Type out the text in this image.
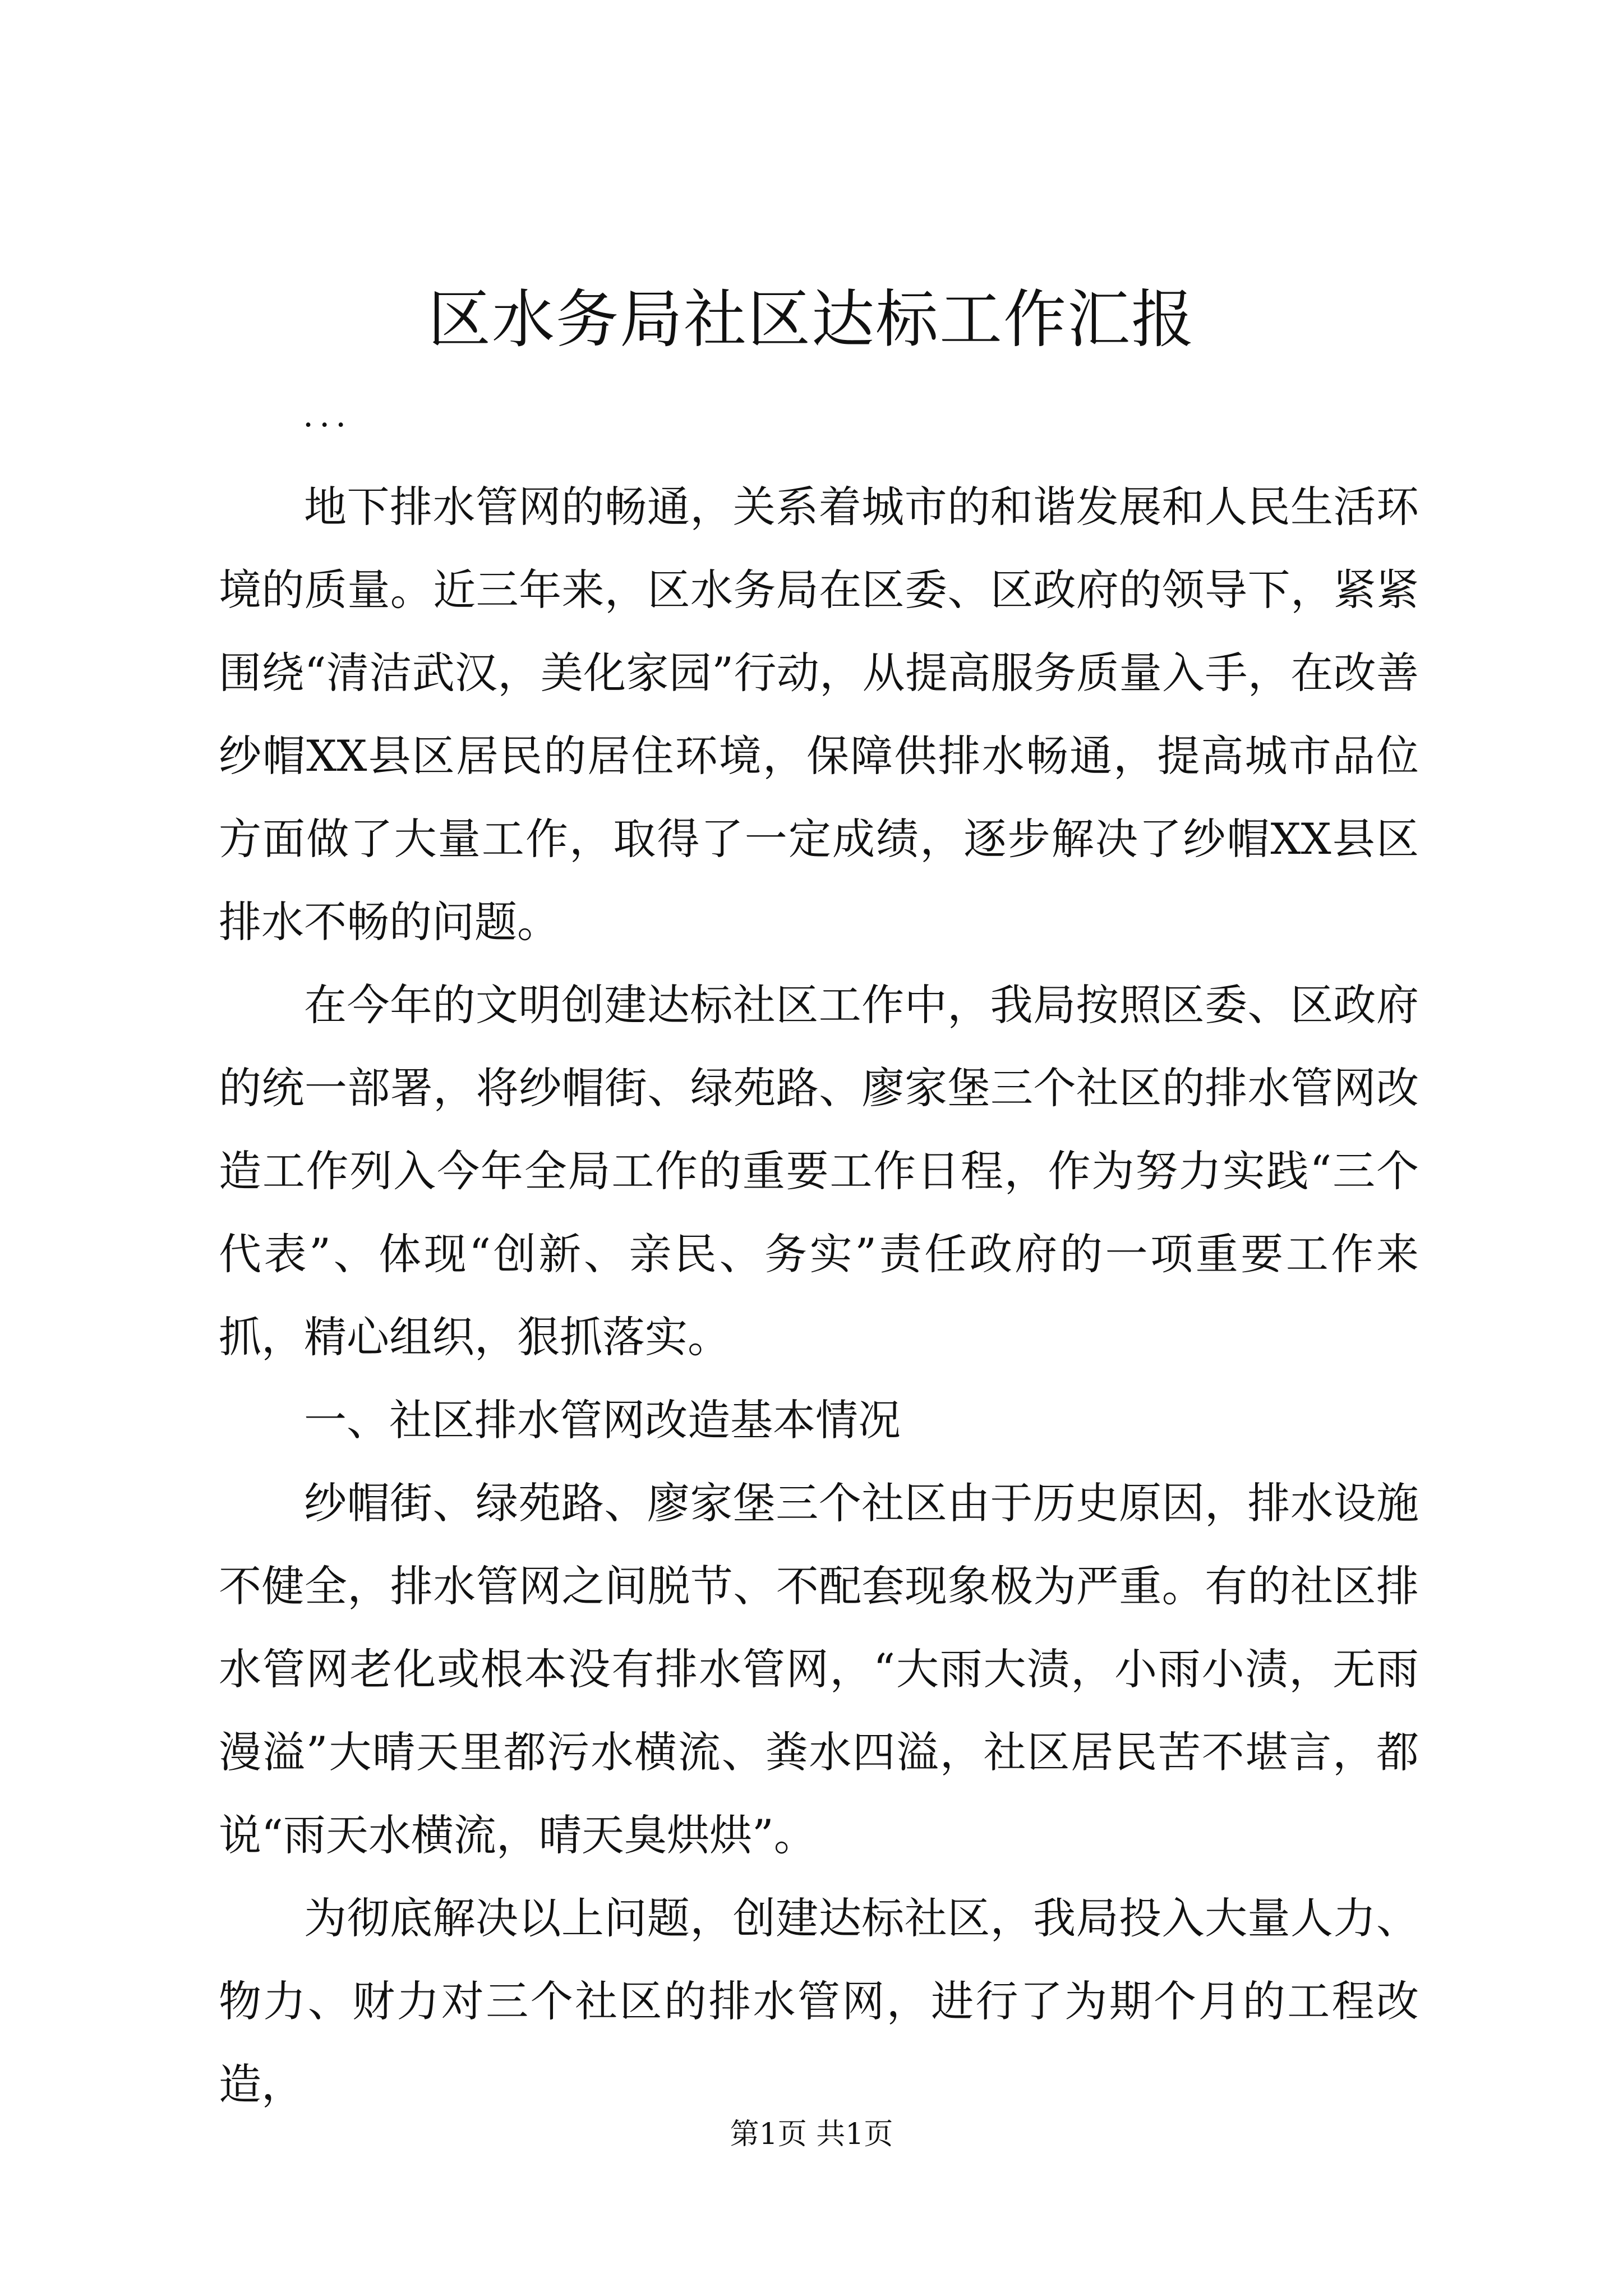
区水务局社区达标工作汇报

...

地下排水管网的畅通，关系着城市的和谐发展和人民生活环境的质量。近三年来，区水务局在区委、区政府的领导下，紧紧围绕“清洁武汉，美化家园”行动，从提高服务质量入手，在改善纱帽XX县区居民的居住环境，保障供排水畅通，提高城市品位方面做了大量工作，取得了一定成绩，逐步解决了纱帽XX县区排水不畅的问题。

在今年的文明创建达标社区工作中，我局按照区委、区政府的统一部署，将纱帽街、绿苑路、廖家堡三个社区的排水管网改造工作列入今年全局工作的重要工作日程，作为努力实践“三个代表”、体现“创新、亲民、务实”责任政府的一项重要工作来抓，精心组织，狠抓落实。

一、社区排水管网改造基本情况

纱帽街、绿苑路、廖家堡三个社区由于历史原因，排水设施不健全，排水管网之间脱节、不配套现象极为严重。有的社区排水管网老化或根本没有排水管网，“大雨大渍，小雨小渍，无雨漫溢”大晴天里都污水横流、粪水四溢，社区居民苦不堪言，都说“雨天水横流，晴天臭烘烘”。

为彻底解决以上问题，创建达标社区，我局投入大量人力、物力、财力对三个社区的排水管网，进行了为期个月的工程改造，

第1页 共1页
